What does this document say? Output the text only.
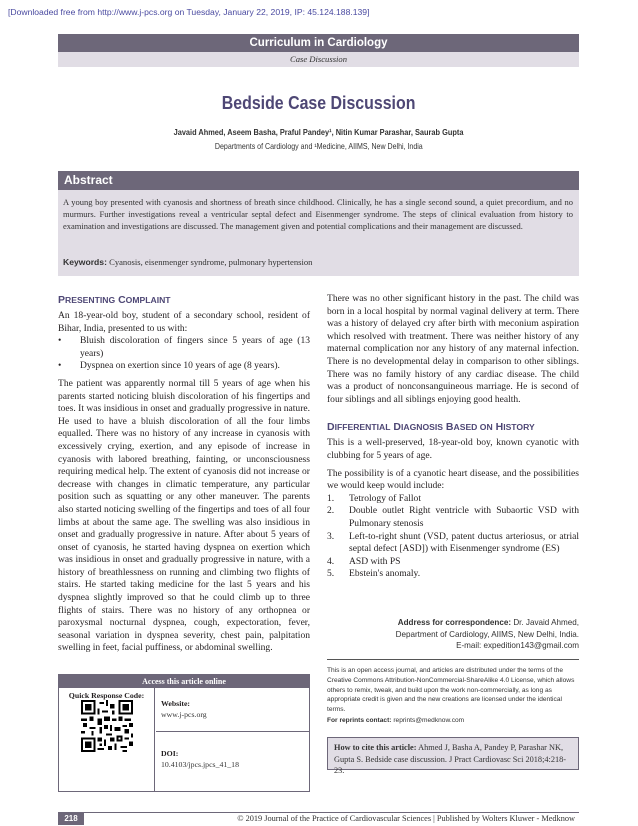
[Downloaded free from http://www.j-pcs.org on Tuesday, January 22, 2019, IP: 45.124.188.139]
Curriculum in Cardiology
Case Discussion
Bedside Case Discussion
Javaid Ahmed, Aseem Basha, Praful Pandey¹, Nitin Kumar Parashar, Saurab Gupta
Departments of Cardiology and ¹Medicine, AIIMS, New Delhi, India
Abstract
A young boy presented with cyanosis and shortness of breath since childhood. Clinically, he has a single second sound, a quiet precordium, and no murmurs. Further investigations reveal a ventricular septal defect and Eisenmenger syndrome. The steps of clinical evaluation from history to examination and investigations are discussed. The management given and potential complications and their management are discussed.
Keywords: Cyanosis, eisenmenger syndrome, pulmonary hypertension
PRESENTING COMPLAINT
An 18-year-old boy, student of a secondary school, resident of Bihar, India, presented to us with:
• Bluish discoloration of fingers since 5 years of age (13 years)
• Dyspnea on exertion since 10 years of age (8 years).

The patient was apparently normal till 5 years of age when his parents started noticing bluish discoloration of his fingertips and toes. It was insidious in onset and gradually progressive in nature. He used to have a bluish discoloration of all the four limbs equalled. There was no history of any increase in cyanosis with excessively crying, exertion, and any episode of increase in cyanosis with labored breathing, fainting, or unconsciousness requiring medical help. The extent of cyanosis did not increase or decrease with changes in climatic temperature, any particular position such as squatting or any other maneuver. The parents also started noticing swelling of the fingertips and toes of all four limbs at about the same age. The swelling was also insidious in onset and gradually progressive in nature. After about 5 years of onset of cyanosis, he started having dyspnea on exertion which was insidious in onset and gradually progressive in nature, with a history of breathlessness on running and climbing two flights of stairs. He started taking medicine for the last 5 years and his dyspnea slightly improved so that he could climb up to three flights of stairs. There was no history of any orthopnea or paroxysmal nocturnal dyspnea, cough, expectoration, fever, seasonal variation in dyspnea severity, chest pain, palpitation swelling in feet, facial puffiness, or abdominal swelling.

There was no other significant history in the past. The child was born in a local hospital by normal vaginal delivery at term. There was a history of delayed cry after birth with meconium aspiration which resolved with treatment. There was neither history of any maternal complication nor any history of any maternal infection. There is no developmental delay in comparison to other siblings. There was no family history of any cardiac disease. The child was a product of nonconsanguineous marriage. He is second of four siblings and all siblings enjoying good health.

DIFFERENTIAL DIAGNOSIS BASED ON HISTORY

This is a well-preserved, 18-year-old boy, known cyanotic with clubbing for 5 years of age.

The possibility is of a cyanotic heart disease, and the possibilities we would keep would include:
1. Tetrology of Fallot
2. Double outlet Right ventricle with Subaortic VSD with Pulmonary stenosis
3. Left-to-right shunt (VSD, patent ductus arteriosus, or atrial septal defect [ASD]) with Eisenmenger syndrome (ES)
4. ASD with PS
5. Ebstein's anomaly.
Address for correspondence: Dr. Javaid Ahmed,
Department of Cardiology, AIIMS, New Delhi, India.
E-mail: expedition143@gmail.com
This is an open access journal, and articles are distributed under the terms of the Creative Commons Attribution-NonCommercial-ShareAlike 4.0 License, which allows others to remix, tweak, and build upon the work non-commercially, as long as appropriate credit is given and the new creations are licensed under the identical terms.
For reprints contact: reprints@medknow.com
Access this article online
Quick Response Code:
Website:
www.j-pcs.org
DOI:
10.4103/jpcs.jpcs_41_18
How to cite this article: Ahmed J, Basha A, Pandey P, Parashar NK, Gupta S. Bedside case discussion. J Pract Cardiovasc Sci 2018;4:218-23.
218	© 2019 Journal of the Practice of Cardiovascular Sciences | Published by Wolters Kluwer - Medknow
